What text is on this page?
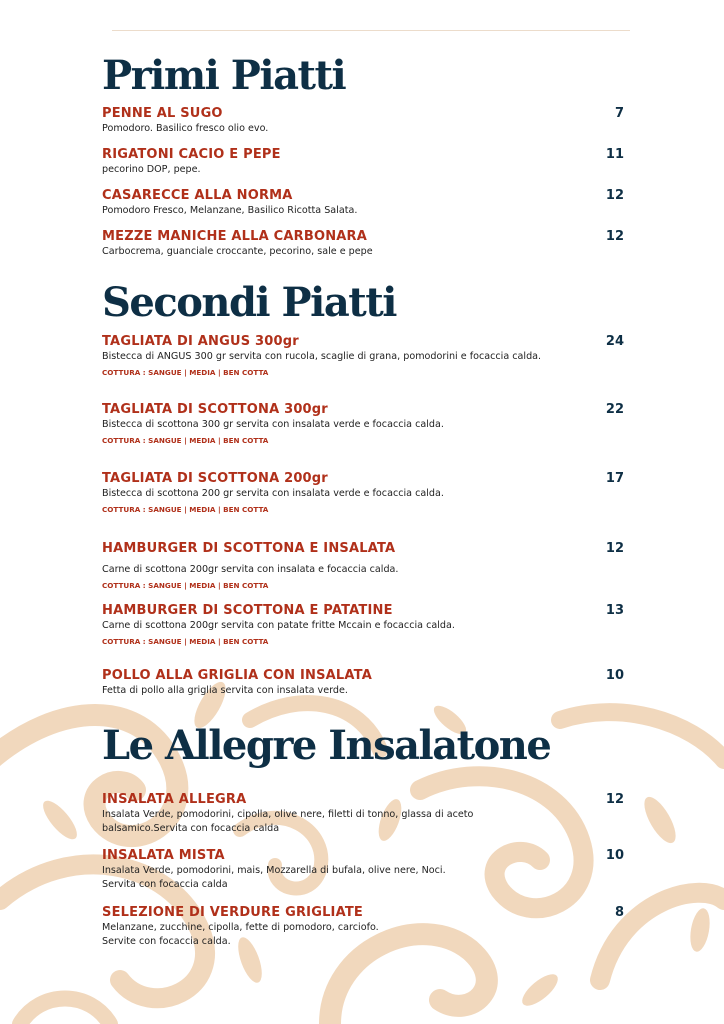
Primi Piatti
PENNE AL SUGO	7
Pomodoro. Basilico fresco olio evo.
RIGATONI CACIO E PEPE	11
pecorino DOP, pepe.
CASARECCE ALLA NORMA	12
Pomodoro Fresco, Melanzane, Basilico Ricotta Salata.
MEZZE MANICHE ALLA CARBONARA	12
Carbocrema, guanciale croccante, pecorino, sale e pepe
Secondi Piatti
TAGLIATA DI ANGUS 300gr	24
Bistecca di ANGUS 300 gr servita con rucola, scaglie di grana, pomodorini e focaccia calda.
COTTURA : SANGUE | MEDIA | BEN COTTA
TAGLIATA DI SCOTTONA 300gr	22
Bistecca di scottona 300 gr servita con insalata verde e focaccia calda.
COTTURA : SANGUE | MEDIA | BEN COTTA
TAGLIATA DI SCOTTONA 200gr	17
Bistecca di scottona 200 gr servita con insalata verde e focaccia calda.
COTTURA : SANGUE | MEDIA | BEN COTTA
HAMBURGER DI SCOTTONA E INSALATA	12
Carne di scottona 200gr servita con insalata e focaccia calda.
COTTURA : SANGUE | MEDIA | BEN COTTA
HAMBURGER DI SCOTTONA E PATATINE	13
Carne di scottona 200gr servita con patate fritte Mccain e focaccia calda.
COTTURA : SANGUE | MEDIA | BEN COTTA
POLLO ALLA GRIGLIA CON INSALATA	10
Fetta di pollo alla griglia servita con insalata verde.
Le Allegre Insalatone
INSALATA ALLEGRA	12
Insalata Verde, pomodorini, cipolla, olive nere, filetti di tonno, glassa di aceto
balsamico.Servita con focaccia calda
INSALATA MISTA	10
Insalata Verde, pomodorini, mais, Mozzarella di bufala, olive nere, Noci.
Servita con focaccia calda
SELEZIONE DI VERDURE GRIGLIATE	8
Melanzane, zucchine, cipolla, fette di pomodoro, carciofo.
Servite con focaccia calda.
